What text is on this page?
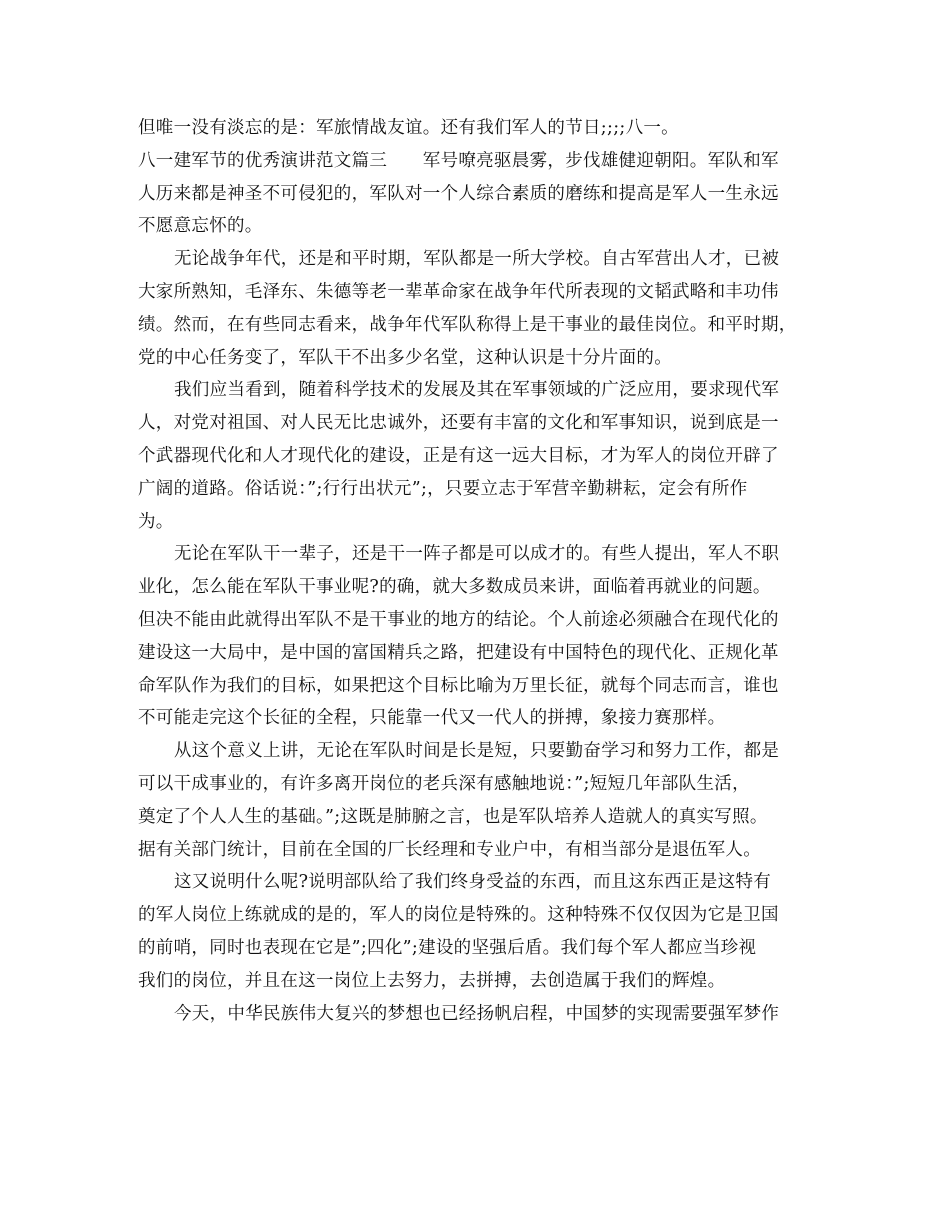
但唯一没有淡忘的是：军旅情战友谊。还有我们军人的节日;;;;八一。
八一建军节的优秀演讲范文篇三　　军号嘹亮驱晨雾，步伐雄健迎朝阳。军队和军
人历来都是神圣不可侵犯的，军队对一个人综合素质的磨练和提高是军人一生永远
不愿意忘怀的。
无论战争年代，还是和平时期，军队都是一所大学校。自古军营出人才，已被
大家所熟知，毛泽东、朱德等老一辈革命家在战争年代所表现的文韬武略和丰功伟
绩。然而，在有些同志看来，战争年代军队称得上是干事业的最佳岗位。和平时期，
党的中心任务变了，军队干不出多少名堂，这种认识是十分片面的。
我们应当看到，随着科学技术的发展及其在军事领域的广泛应用，要求现代军
人，对党对祖国、对人民无比忠诚外，还要有丰富的文化和军事知识，说到底是一
个武器现代化和人才现代化的建设，正是有这一远大目标，才为军人的岗位开辟了
广阔的道路。俗话说：”;行行出状元”;，只要立志于军营辛勤耕耘，定会有所作
为。
无论在军队干一辈子，还是干一阵子都是可以成才的。有些人提出，军人不职
业化，怎么能在军队干事业呢?的确，就大多数成员来讲，面临着再就业的问题。
但决不能由此就得出军队不是干事业的地方的结论。个人前途必须融合在现代化的
建设这一大局中，是中国的富国精兵之路，把建设有中国特色的现代化、正规化革
命军队作为我们的目标，如果把这个目标比喻为万里长征，就每个同志而言，谁也
不可能走完这个长征的全程，只能靠一代又一代人的拼搏，象接力赛那样。
从这个意义上讲，无论在军队时间是长是短，只要勤奋学习和努力工作，都是
可以干成事业的，有许多离开岗位的老兵深有感触地说：”;短短几年部队生活，
奠定了个人人生的基础。”;这既是肺腑之言，也是军队培养人造就人的真实写照。
据有关部门统计，目前在全国的厂长经理和专业户中，有相当部分是退伍军人。
这又说明什么呢?说明部队给了我们终身受益的东西，而且这东西正是这特有
的军人岗位上练就成的是的，军人的岗位是特殊的。这种特殊不仅仅因为它是卫国
的前哨，同时也表现在它是”;四化”;建设的坚强后盾。我们每个军人都应当珍视
我们的岗位，并且在这一岗位上去努力，去拼搏，去创造属于我们的辉煌。
今天，中华民族伟大复兴的梦想也已经扬帆启程，中国梦的实现需要强军梦作
